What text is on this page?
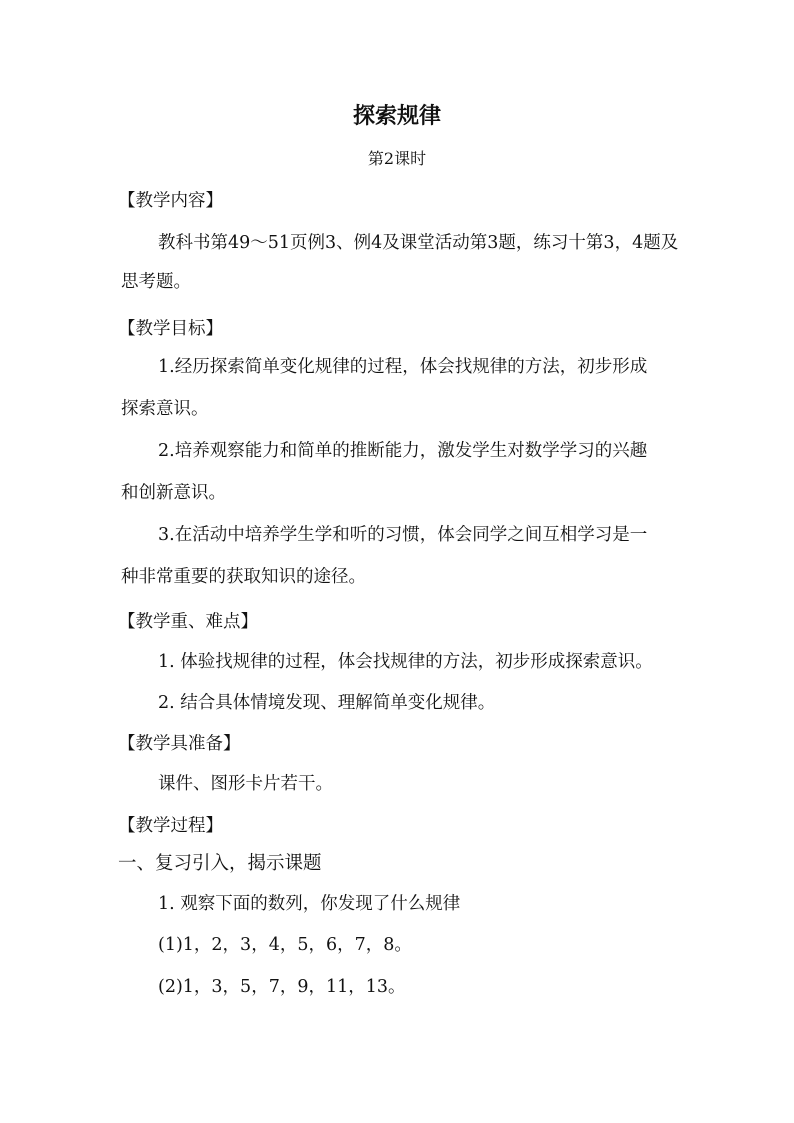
探索规律
第2课时
【教学内容】
教科书第49～51页例3、例4及课堂活动第3题，练习十第3，4题及
思考题。
【教学目标】
1.经历探索简单变化规律的过程，体会找规律的方法，初步形成
探索意识。
2.培养观察能力和简单的推断能力，激发学生对数学学习的兴趣
和创新意识。
3.在活动中培养学生学和听的习惯，体会同学之间互相学习是一
种非常重要的获取知识的途径。
【教学重、难点】
1. 体验找规律的过程，体会找规律的方法，初步形成探索意识。
2. 结合具体情境发现、理解简单变化规律。
【教学具准备】
课件、图形卡片若干。
【教学过程】
一、复习引入，揭示课题
1. 观察下面的数列，你发现了什么规律
(1)1，2，3，4，5，6，7，8。
(2)1，3，5，7，9，11，13。
